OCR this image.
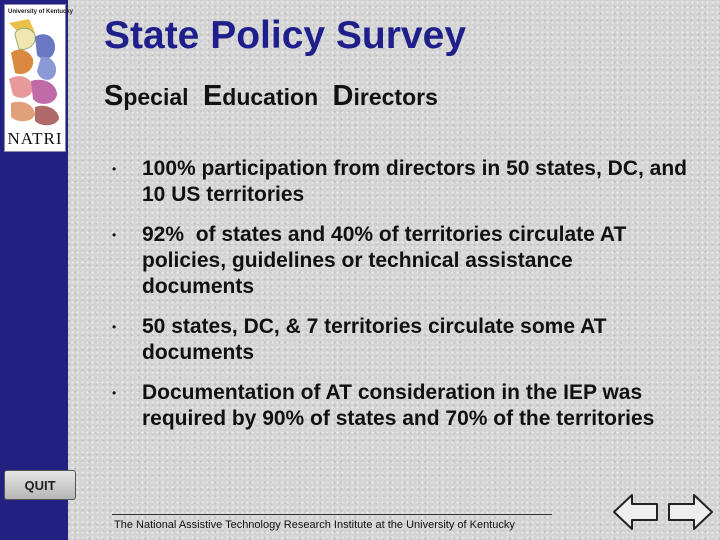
University of Kentucky
NATRI
QUIT
State Policy Survey
Special Education Directors
• 100% participation from directors in 50 states, DC, and 10 US territories
• 92%  of states and 40% of territories circulate AT policies, guidelines or technical assistance documents
• 50 states, DC, & 7 territories circulate some AT documents
• Documentation of AT consideration in the IEP was required by 90% of states and 70% of the territories
The National Assistive Technology Research Institute at the University of Kentucky
